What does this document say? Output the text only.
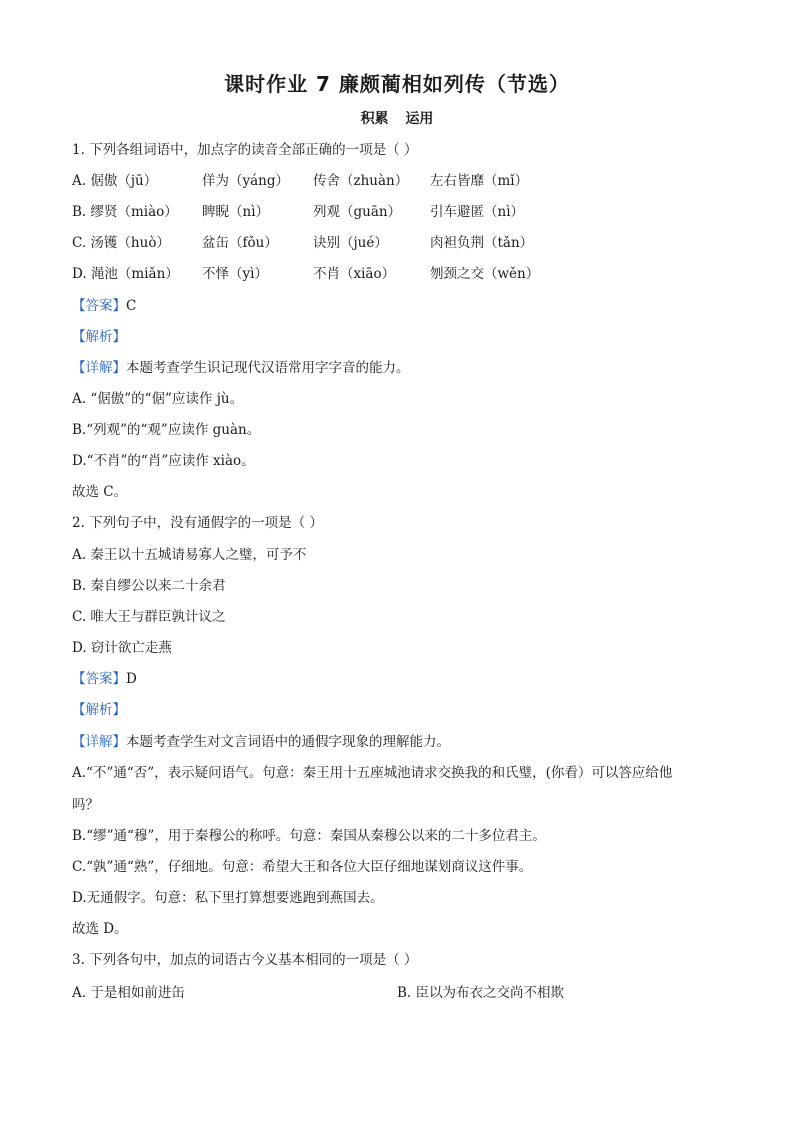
课时作业 7 廉颇蔺相如列传（节选）
积累 运用
1. 下列各组词语中，加点字的读音全部正确的一项是（ ）
A. 倨傲（jū）	佯为（yáng） 传舍（zhuàn） 左右皆靡（mǐ）
B. 缪贤（miào） 睥睨（nì）	列观（guān） 引车避匿（nì）
C. 汤镬（huò） 盆缶（fǒu）	诀别（jué）	肉袒负荆（tǎn）
D. 渑池（miǎn） 不怿（yì）	不肖（xiāo）	刎颈之交（wěn）
【答案】C
【解析】
【详解】本题考查学生识记现代汉语常用字字音的能力。
A. “倨傲”的“倨”应读作 jù。
B.“列观”的“观”应读作 guàn。
D.“不肖”的“肖”应读作 xiào。
故选 C。
2. 下列句子中，没有通假字的一项是（ ）
A. 秦王以十五城请易寡人之璧，可予不
B. 秦自缪公以来二十余君
C. 唯大王与群臣孰计议之
D. 窃计欲亡走燕
【答案】D
【解析】
【详解】本题考查学生对文言词语中的通假字现象的理解能力。
A.“不”通“否”，表示疑问语气。句意：秦王用十五座城池请求交换我的和氏璧，(你看）可以答应给他
吗？
B.“缪”通“穆”，用于秦穆公的称呼。句意：秦国从秦穆公以来的二十多位君主。
C.“孰”通“熟”，仔细地。句意：希望大王和各位大臣仔细地谋划商议这件事。
D.无通假字。句意：私下里打算想要逃跑到燕国去。
故选 D。
3. 下列各句中，加点的词语古今义基本相同的一项是（ ）
A. 于是相如前进缶	B. 臣以为布衣之交尚不相欺
